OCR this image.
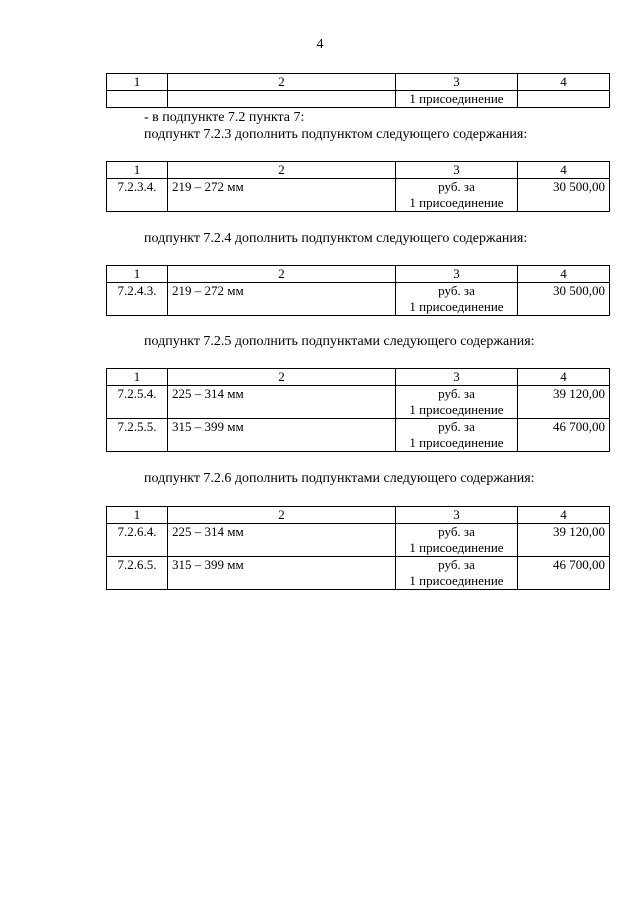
4
1	2	3	4
		1 присоединение	
- в подпункте 7.2 пункта 7:
подпункт 7.2.3 дополнить подпунктом следующего содержания:
1	2	3	4
7.2.3.4.	219 – 272 мм	руб. за
1 присоединение	30 500,00
подпункт 7.2.4 дополнить подпунктом следующего содержания:
1	2	3	4
7.2.4.3.	219 – 272 мм	руб. за
1 присоединение	30 500,00
подпункт 7.2.5 дополнить подпунктами следующего содержания:
1	2	3	4
7.2.5.4.	225 – 314 мм	руб. за
1 присоединение	39 120,00
7.2.5.5.	315 – 399 мм	руб. за
1 присоединение	46 700,00
подпункт 7.2.6 дополнить подпунктами следующего содержания:
1	2	3	4
7.2.6.4.	225 – 314 мм	руб. за
1 присоединение	39 120,00
7.2.6.5.	315 – 399 мм	руб. за
1 присоединение	46 700,00
